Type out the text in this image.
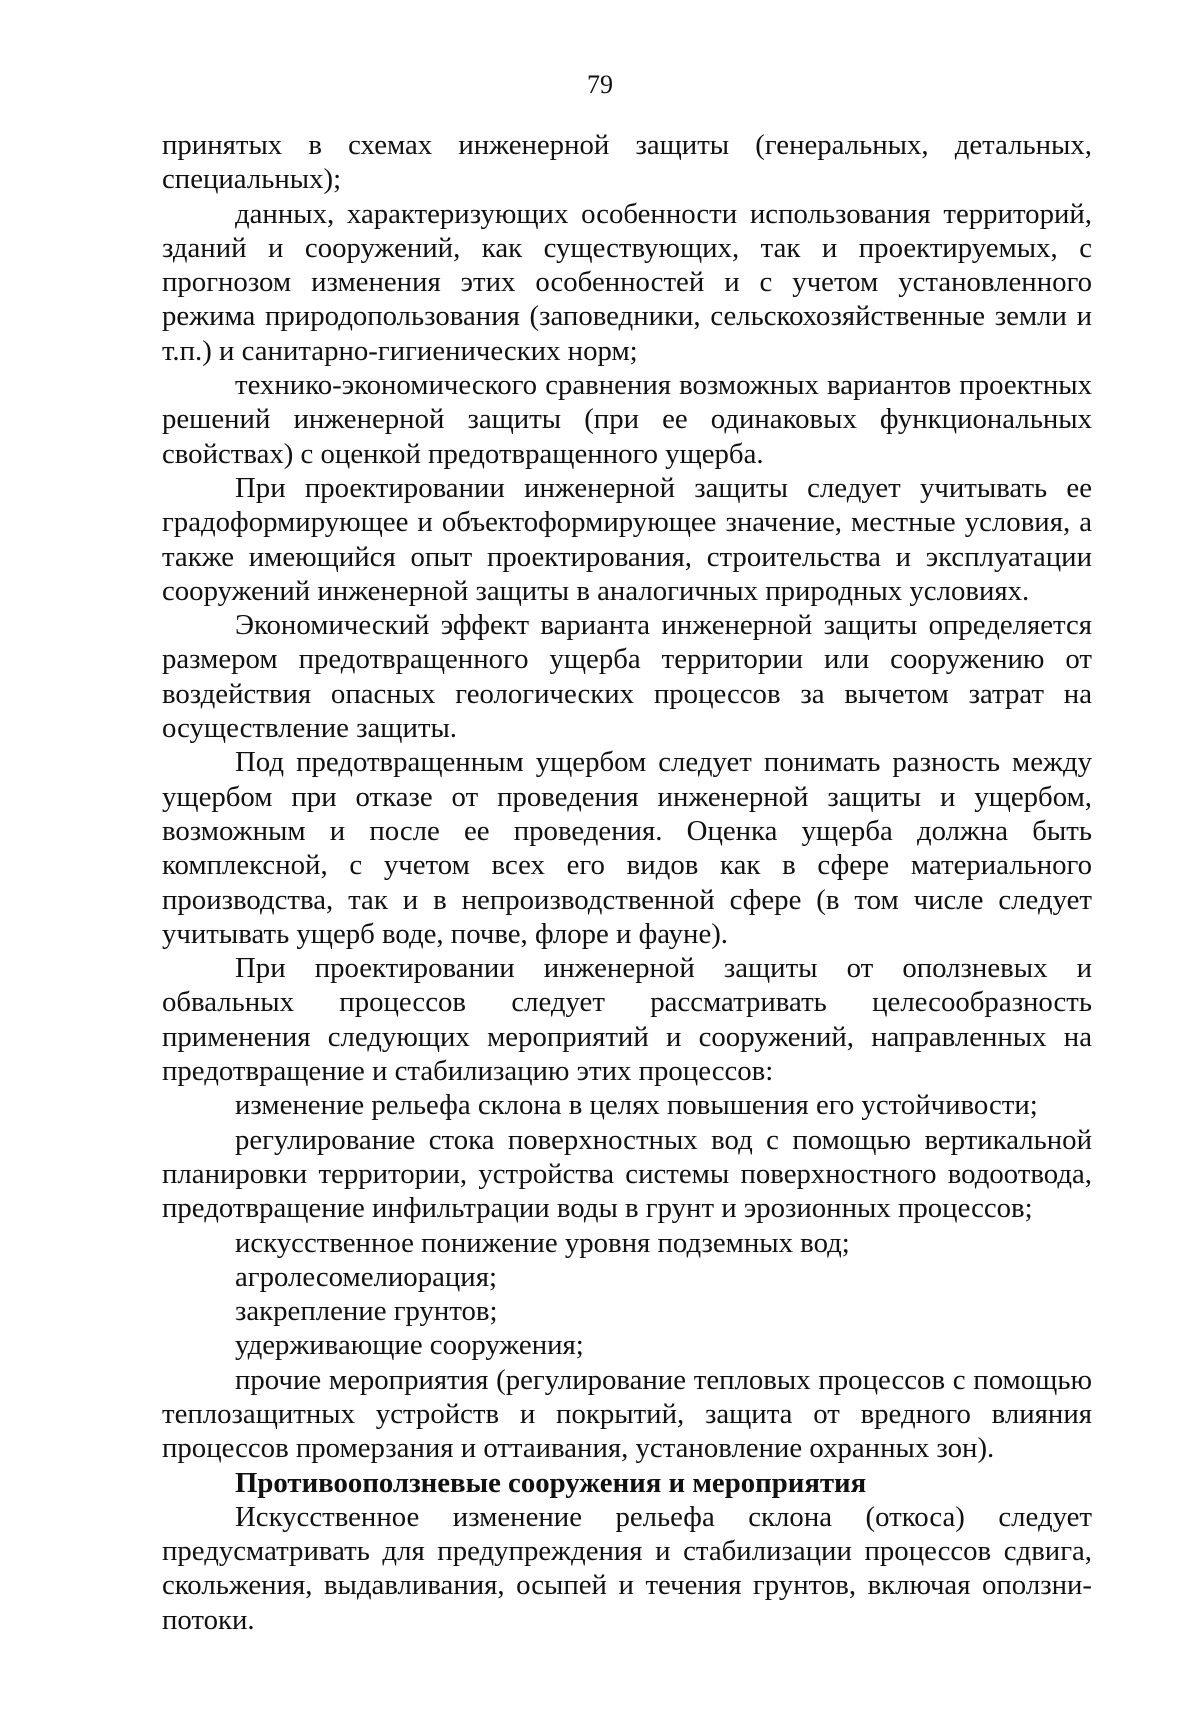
79

принятых в схемах инженерной защиты (генеральных, детальных, специальных);

данных, характеризующих особенности использования территорий, зданий и сооружений, как существующих, так и проектируемых, с прогнозом изменения этих особенностей и с учетом установленного режима природопользования (заповедники, сельскохозяйственные земли и т.п.) и санитарно-гигиенических норм;

технико-экономического сравнения возможных вариантов проектных решений инженерной защиты (при ее одинаковых функциональных свойствах) с оценкой предотвращенного ущерба.

При проектировании инженерной защиты следует учитывать ее градоформирующее и объектоформирующее значение, местные условия, а также имеющийся опыт проектирования, строительства и эксплуатации сооружений инженерной защиты в аналогичных природных условиях.

Экономический эффект варианта инженерной защиты определяется размером предотвращенного ущерба территории или сооружению от воздействия опасных геологических процессов за вычетом затрат на осуществление защиты.

Под предотвращенным ущербом следует понимать разность между ущербом при отказе от проведения инженерной защиты и ущербом, возможным и после ее проведения. Оценка ущерба должна быть комплексной, с учетом всех его видов как в сфере материального производства, так и в непроизводственной сфере (в том числе следует учитывать ущерб воде, почве, флоре и фауне).

При проектировании инженерной защиты от оползневых и обвальных процессов следует рассматривать целесообразность применения следующих мероприятий и сооружений, направленных на предотвращение и стабилизацию этих процессов:

изменение рельефа склона в целях повышения его устойчивости;

регулирование стока поверхностных вод с помощью вертикальной планировки территории, устройства системы поверхностного водоотвода, предотвращение инфильтрации воды в грунт и эрозионных процессов;

искусственное понижение уровня подземных вод;

агролесомелиорация;

закрепление грунтов;

удерживающие сооружения;

прочие мероприятия (регулирование тепловых процессов с помощью теплозащитных устройств и покрытий, защита от вредного влияния процессов промерзания и оттаивания, установление охранных зон).

Противооползневые сооружения и мероприятия

Искусственное изменение рельефа склона (откоса) следует предусматривать для предупреждения и стабилизации процессов сдвига, скольжения, выдавливания, осыпей и течения грунтов, включая оползни-потоки.
